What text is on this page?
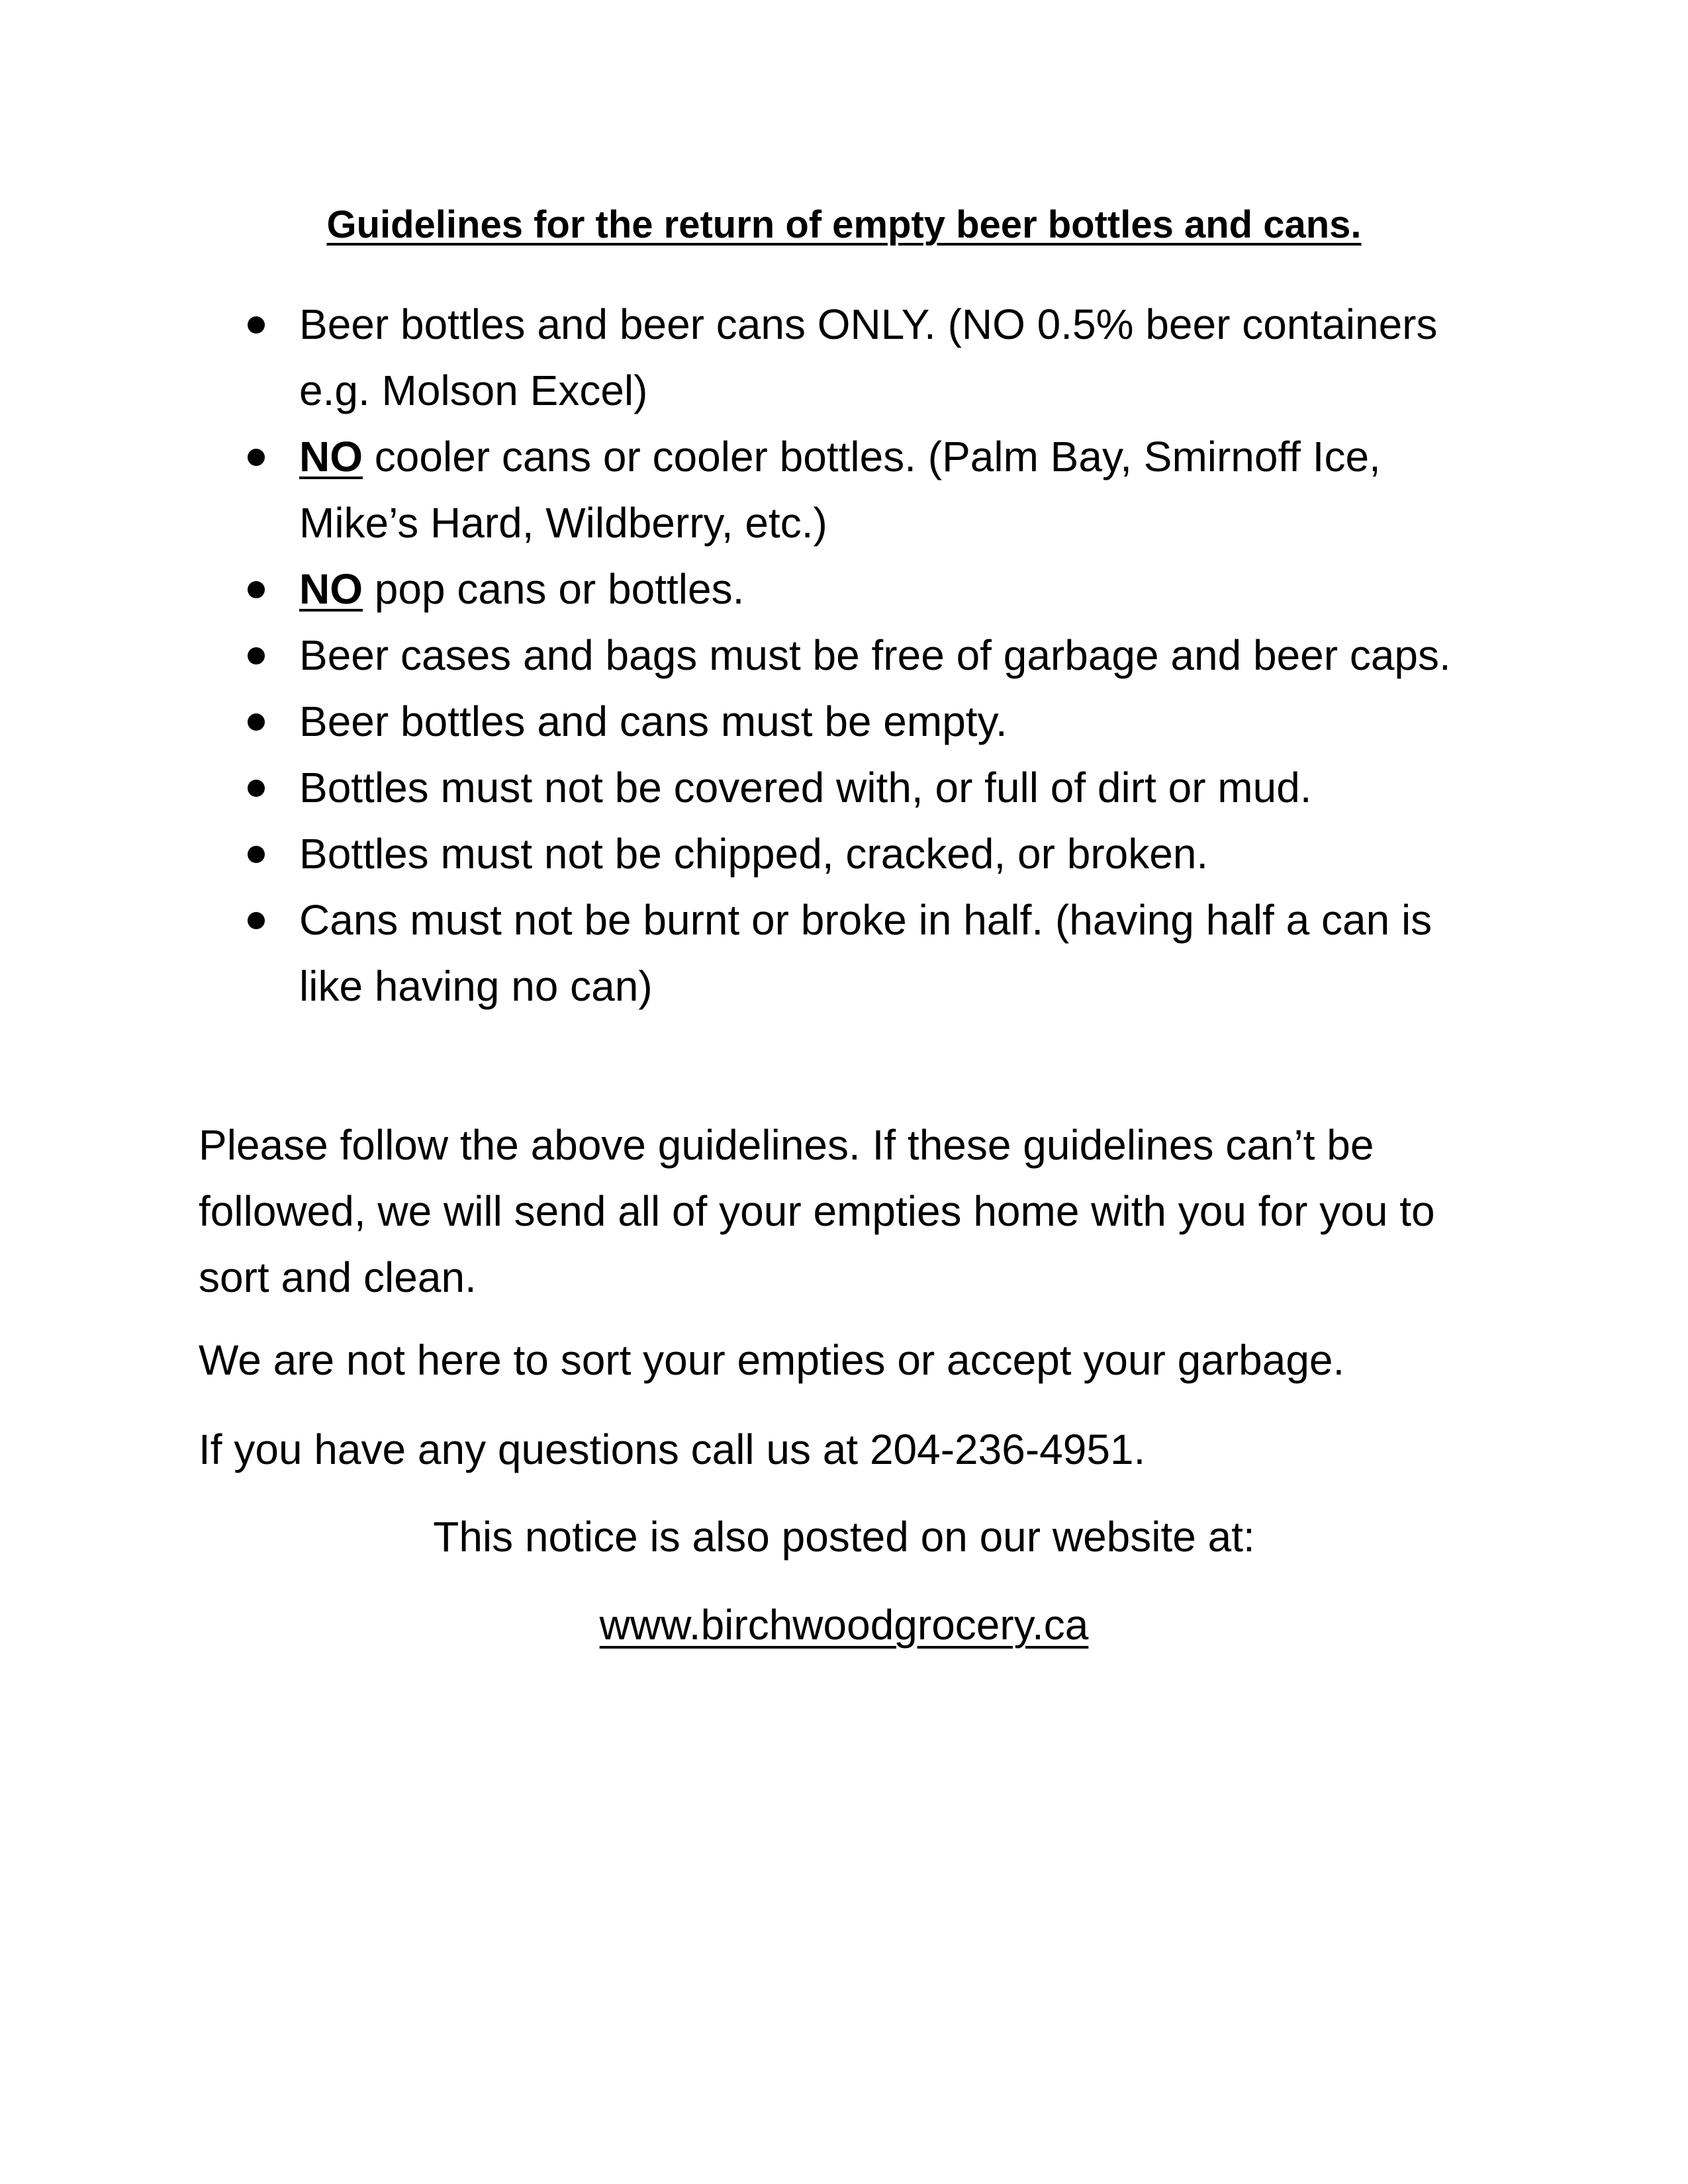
Guidelines for the return of empty beer bottles and cans.
Beer bottles and beer cans ONLY. (NO 0.5% beer containers e.g. Molson Excel)
NO cooler cans or cooler bottles. (Palm Bay, Smirnoff Ice, Mike’s Hard, Wildberry, etc.)
NO pop cans or bottles.
Beer cases and bags must be free of garbage and beer caps.
Beer bottles and cans must be empty.
Bottles must not be covered with, or full of dirt or mud.
Bottles must not be chipped, cracked, or broken.
Cans must not be burnt or broke in half. (having half a can is like having no can)

Please follow the above guidelines. If these guidelines can’t be followed, we will send all of your empties home with you for you to sort and clean.

We are not here to sort your empties or accept your garbage.

If you have any questions call us at 204-236-4951.

This notice is also posted on our website at:

www.birchwoodgrocery.ca
